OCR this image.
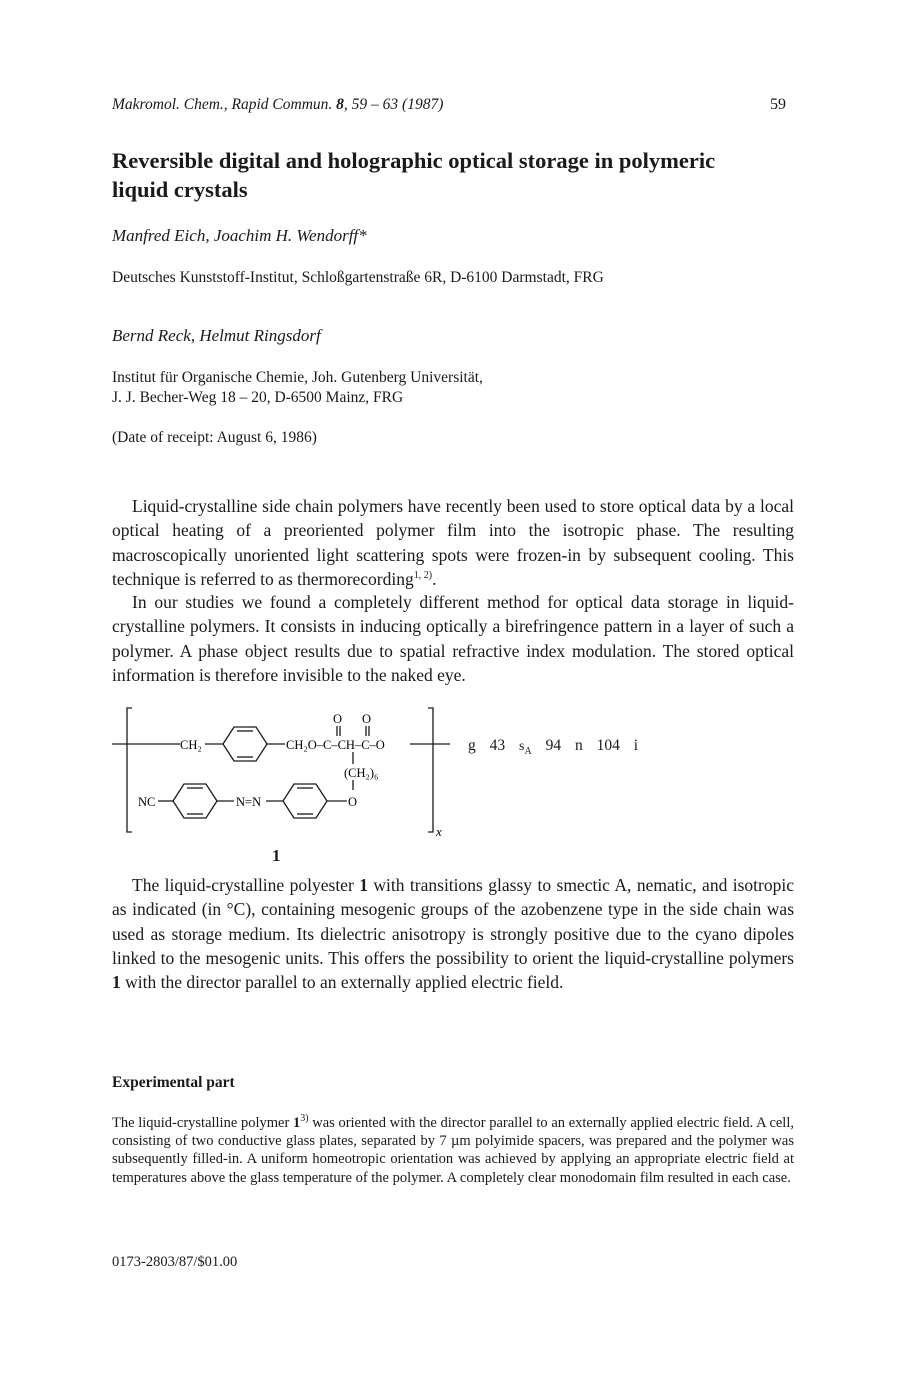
Makromol. Chem., Rapid Commun. 8, 59 – 63 (1987)	59
Reversible digital and holographic optical storage in polymeric liquid crystals
Manfred Eich, Joachim H. Wendorff*
Deutsches Kunststoff-Institut, Schloßgartenstraße 6R, D-6100 Darmstadt, FRG
Bernd Reck, Helmut Ringsdorf
Institut für Organische Chemie, Joh. Gutenberg Universität,
J. J. Becher-Weg 18 – 20, D-6500 Mainz, FRG
(Date of receipt: August 6, 1986)
Liquid-crystalline side chain polymers have recently been used to store optical data by a local optical heating of a preoriented polymer film into the isotropic phase. The resulting macroscopically unoriented light scattering spots were frozen-in by subsequent cooling. This technique is referred to as thermorecording$^{1, 2)}$.
In our studies we found a completely different method for optical data storage in liquid-crystalline polymers. It consists in inducing optically a birefringence pattern in a layer of such a polymer. A phase object results due to spatial refractive index modulation. The stored optical information is therefore invisible to the naked eye.
CH₂	CH₂O–C–CH–C–O
O O
(CH₂)₆
O
NC	N=N
x
g 43 $s_A$ 94 n 104 i
1
The liquid-crystalline polyester 1 with transitions glassy to smectic A, nematic, and isotropic as indicated (in °C), containing mesogenic groups of the azobenzene type in the side chain was used as storage medium. Its dielectric anisotropy is strongly positive due to the cyano dipoles linked to the mesogenic units. This offers the possibility to orient the liquid-crystalline polymers 1 with the director parallel to an externally applied electric field.
Experimental part
The liquid-crystalline polymer 1$^{3)}$ was oriented with the director parallel to an externally applied electric field. A cell, consisting of two conductive glass plates, separated by 7 µm polyimide spacers, was prepared and the polymer was subsequently filled-in. A uniform homeotropic orientation was achieved by applying an appropriate electric field at temperatures above the glass temperature of the polymer. A completely clear monodomain film resulted in each case.
0173-2803/87/$01.00
